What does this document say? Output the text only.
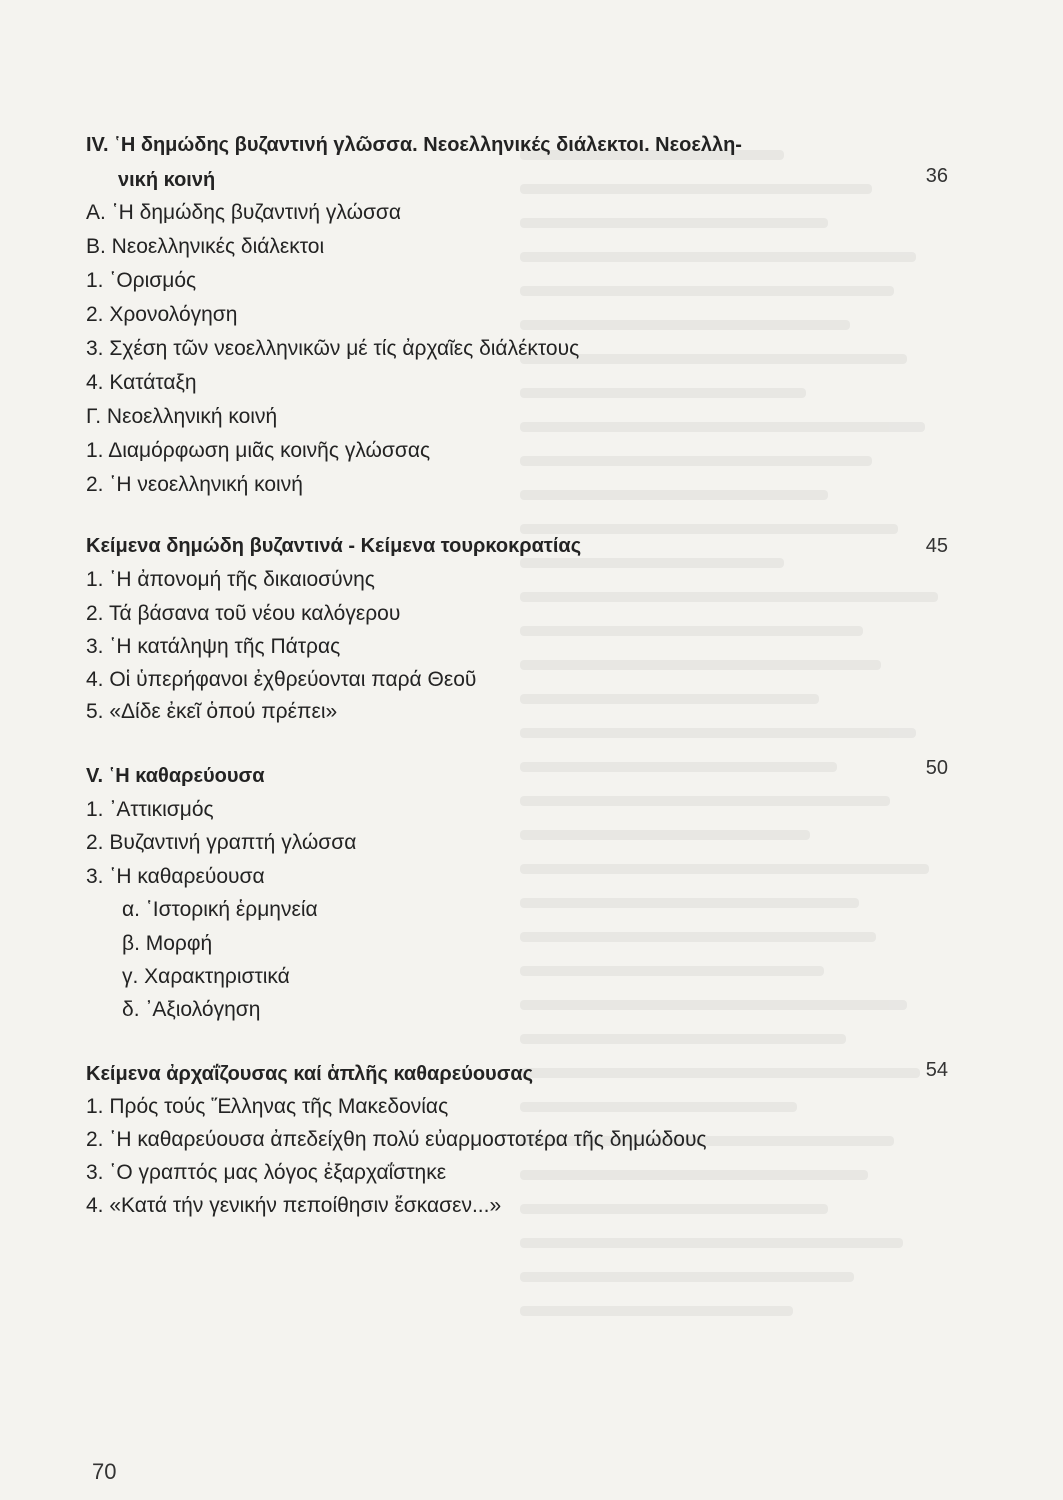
IV. ῾Η δημώδης βυζαντινή γλῶσσα. Νεοελληνικές διάλεκτοι. Νεοελλη-
νική κοινή	36
Α. ῾Η δημώδης βυζαντινή γλώσσα
Β. Νεοελληνικές διάλεκτοι
1. ῾Ορισμός
2. Χρονολόγηση
3. Σχέση τῶν νεοελληνικῶν μέ τίς ἀρχαῖες διάλέκτους
4. Κατάταξη
Γ. Νεοελληνική κοινή
1. Διαμόρφωση μιᾶς κοινῆς γλώσσας
2. ῾Η νεοελληνική κοινή
Κείμενα δημώδη βυζαντινά - Κείμενα τουρκοκρατίας	45
1. ῾Η ἀπονομή τῆς δικαιοσύνης
2. Τά βάσανα τοῦ νέου καλόγερου
3. ῾Η κατάληψη τῆς Πάτρας
4. Οἱ ὑπερήφανοι ἐχθρεύονται παρά Θεοῦ
5. «Δίδε ἐκεῖ ὁπού πρέπει»
V. ῾Η καθαρεύουσα	50
1. ᾿Αττικισμός
2. Βυζαντινή γραπτή γλώσσα
3. ῾Η καθαρεύουσα
α. ῾Ιστορική ἑρμηνεία
β. Μορφή
γ. Χαρακτηριστικά
δ. ᾿Αξιολόγηση
Κείμενα ἀρχαΐζουσας καί ἁπλῆς καθαρεύουσας	54
1. Πρός τούς Ἕλληνας τῆς Μακεδονίας
2. ῾Η καθαρεύουσα ἀπεδείχθη πολύ εὐαρμοστοτέρα τῆς δημώδους
3. ῾Ο γραπτός μας λόγος ἐξαρχαΐστηκε
4. «Κατά τήν γενικήν πεποίθησιν ἔσκασεν...»
70
